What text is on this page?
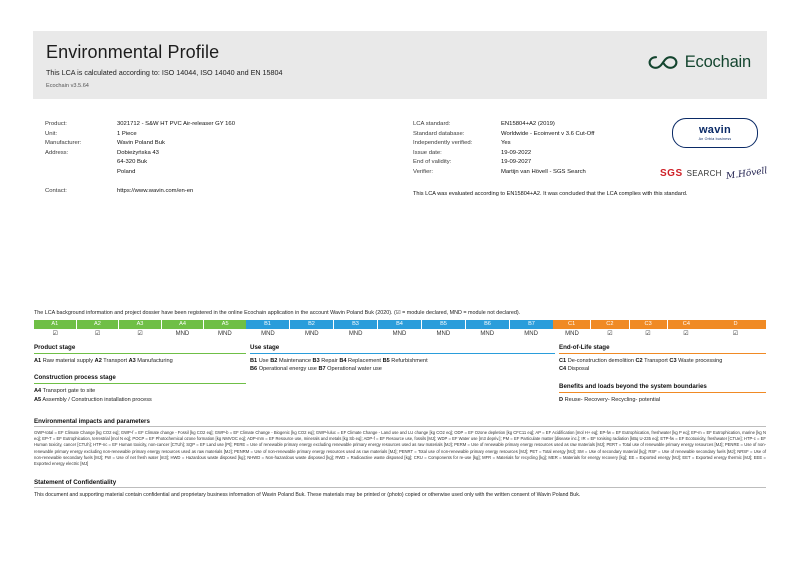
Environmental Profile
This LCA is calculated according to: ISO 14044, ISO 14040 and EN 15804
Ecochain v3.5.64
Ecochain
Product:	3021712 - S&W HT PVC Air-releaser GY 160
Unit:	1 Piece
Manufacturer:	Wavin Poland Buk
Address:	Dobieżyńska 43
64-320 Buk
Poland
Contact:	https://www.wavin.com/en-en
LCA standard:	EN15804+A2 (2019)
Standard database:	Worldwide - Ecoinvent v 3.6 Cut-Off
Independently verified:	Yes
Issue date:	19-09-2022
End of validity:	19-09-2027
Verifier:	Martijn van Hövell - SGS Search
wavin
An Orbia business
SGS SEARCH M.Hövell
This LCA was evaluated according to EN15804+A2. It was concluded that the LCA complies with this standard.
The LCA background information and project dossier have been registered in the online Ecochain application in the account Wavin Poland Buk (2020). (☑ = module declared, MND = module not declared).
A1	A2	A3	A4	A5	B1	B2	B3	B4	B5	B6	B7	C1	C2	C3	C4	D
☑	☑	☑	MND	MND	MND	MND	MND	MND	MND	MND	MND	MND	☑	☑	☑	☑
Product stage
A1 Raw material supply A2 Transport A3 Manufacturing
Construction process stage
A4 Transport gate to site
A5 Assembly / Construction installation process
Use stage
B1 Use B2 Maintenance B3 Repair B4 Replacement B5 Refurbishment
B6 Operational energy use B7 Operational water use
End-of-Life stage
C1 De-construction demolition C2 Transport C3 Waste processing
C4 Disposal
Benefits and loads beyond the system boundaries
D Reuse- Recovery- Recycling- potential
Environmental impacts and parameters
GWP-total = EF Climate Change [kg CO2 eq]; GWP-f = EF Climate change - Fossil [kg CO2 eq]; GWP-b = EF Climate Change - Biogenic [kg CO2 eq]; GWP-luluc = EF Climate Change - Land use and LU change [kg CO2 eq]; ODP = EF Ozone depletion [kg CFC11 eq]; AP = EF Acidification [mol H+ eq]; EP-fw = EF Eutrophication, freshwater [kg P eq]; EP-m = EF Eutrophication, marine [kg N eq]; EP-T = EF Eutrophication, terrestrial [mol N eq]; POCP = EF Photochemical ozone formation [kg NMVOC eq]; ADP-mm = EF Resource use, minerals and metals [kg Sb eq]; ADP-f = EF Resource use, fossils [MJ]; WDP = EF Water use [m3 depriv.]; PM = EF Particulate matter [disease inc.]; IR = EF Ionising radiation [kBq U-235 eq]; ETP-fw = EF Ecotoxicity, freshwater [CTUe]; HTP-c = EF Human toxicity, cancer [CTUh]; HTP-nc = EF Human toxicity, non-cancer [CTUh]; SQP = EF Land use [Pt]; PERE = Use of renewable primary energy excluding renewable primary energy resources used as raw materials [MJ]; PERM = Use of renewable primary energy resources used as raw materials [MJ]; PERT = Total use of renewable primary energy resources [MJ]; PENRE = Use of non-renewable primary energy excluding non-renewable primary energy resources used as raw materials [MJ]; PENRM = Use of non-renewable primary energy resources used as raw materials [MJ]; PENRT = Total use of non-renewable primary energy resources [MJ]; PET = Total energy [MJ]; SM = Use of secondary material [kg]; RSF = Use of renewable secondary fuels [MJ]; NRSF = Use of non-renewable secondary fuels [MJ]; FW = Use of net fresh water [m3]; HWD = Hazardous waste disposed [kg]; NHWD = Non-hazardous waste disposed [kg]; RWD = Radioactive waste disposed [kg]; CRU = Components for re-use [kg]; MFR = Materials for recycling [kg]; MER = Materials for energy recovery [kg]; EE = Exported energy [MJ]; EET = Exported energy thermic [MJ]; EEE = Exported energy electric [MJ]
Statement of Confidentiality
This document and supporting material contain confidential and proprietary business information of Wavin Poland Buk. These materials may be printed or (photo) copied or otherwise used only with the written consent of Wavin Poland Buk.
